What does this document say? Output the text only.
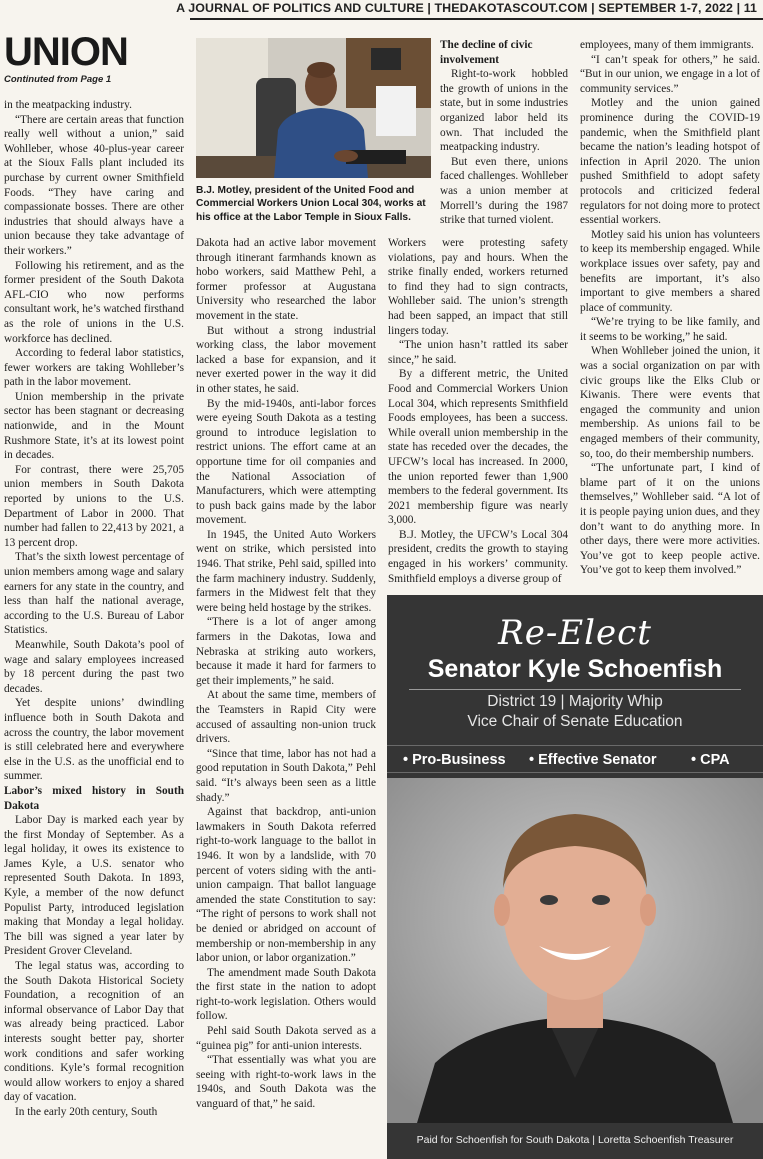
A JOURNAL OF POLITICS AND CULTURE | THEDAKOTASCOUT.COM | SEPTEMBER 1-7, 2022 | 11
UNION
Continuted from Page 1

in the meatpacking industry.

“There are certain areas that function really well without a union,” said Wohlleber, whose 40-plus-year career at the Sioux Falls plant included its purchase by current owner Smithfield Foods. “They have caring and compassionate bosses. There are other industries that should always have a union because they take advantage of their workers.”

Following his retirement, and as the former president of the South Dakota AFL-CIO who now performs consultant work, he’s watched firsthand as the role of unions in the U.S. workforce has declined.

According to federal labor statistics, fewer workers are taking Wohlleber’s path in the labor movement.

Union membership in the private sector has been stagnant or decreasing nationwide, and in the Mount Rushmore State, it’s at its lowest point in decades.

For contrast, there were 25,705 union members in South Dakota reported by unions to the U.S. Department of Labor in 2000. That number had fallen to 22,413 by 2021, a 13 percent drop.

That’s the sixth lowest percentage of union members among wage and salary earners for any state in the country, and less than half the national average, according to the U.S. Bureau of Labor Statistics.

Meanwhile, South Dakota’s pool of wage and salary employees increased by 18 percent during the past two decades.

Yet despite unions’ dwindling influence both in South Dakota and across the country, the labor movement is still celebrated here and everywhere else in the U.S. as the unofficial end to summer.

Labor’s mixed history in South Dakota

Labor Day is marked each year by the first Monday of September. As a legal holiday, it owes its existence to James Kyle, a U.S. senator who represented South Dakota. In 1893, Kyle, a member of the now defunct Populist Party, introduced legislation making that Monday a legal holiday. The bill was signed a year later by President Grover Cleveland.

The legal status was, according to the South Dakota Historical Society Foundation, a recognition of an informal observance of Labor Day that was already being practiced. Labor interests sought better pay, shorter work conditions and safer working conditions. Kyle’s formal recognition would allow workers to enjoy a shared day of vacation.

In the early 20th century, South

B.J. Motley, president of the United Food and Commercial Workers Union Local 304, works at his office at the Labor Temple in Sioux Falls.

Dakota had an active labor movement through itinerant farmhands known as hobo workers, said Matthew Pehl, a former professor at Augustana University who researched the labor movement in the state.

But without a strong industrial working class, the labor movement lacked a base for expansion, and it never exerted power in the way it did in other states, he said.

By the mid-1940s, anti-labor forces were eyeing South Dakota as a testing ground to introduce legislation to restrict unions. The effort came at an opportune time for oil companies and the National Association of Manufacturers, which were attempting to push back gains made by the labor movement.

In 1945, the United Auto Workers went on strike, which persisted into 1946. That strike, Pehl said, spilled into the farm machinery industry. Suddenly, farmers in the Midwest felt that they were being held hostage by the strikes.

“There is a lot of anger among farmers in the Dakotas, Iowa and Nebraska at striking auto workers, because it made it hard for farmers to get their implements,” he said.

At about the same time, members of the Teamsters in Rapid City were accused of assaulting non-union truck drivers.

“Since that time, labor has not had a good reputation in South Dakota,” Pehl said. “It’s always been seen as a little shady.”

Against that backdrop, anti-union lawmakers in South Dakota referred right-to-work language to the ballot in 1946. It won by a landslide, with 70 percent of voters siding with the anti-union campaign. That ballot language amended the state Constitution to say: “The right of persons to work shall not be denied or abridged on account of membership or non-membership in any labor union, or labor organization.”

The amendment made South Dakota the first state in the nation to adopt right-to-work legislation. Others would follow.

Pehl said South Dakota served as a “guinea pig” for anti-union interests.

“That essentially was what you are seeing with right-to-work laws in the 1940s, and South Dakota was the vanguard of that,” he said.

The decline of civic involvement

Right-to-work hobbled the growth of unions in the state, but in some industries organized labor held its own. That included the meatpacking industry.

But even there, unions faced challenges. Wohlleber was a union member at Morrell’s during the 1987 strike that turned violent.

Workers were protesting safety violations, pay and hours. When the strike finally ended, workers returned to find they had to sign contracts, Wohlleber said. The union’s strength had been sapped, an impact that still lingers today.

“The union hasn’t rattled its saber since,” he said.

By a different metric, the United Food and Commercial Workers Union Local 304, which represents Smithfield Foods employees, has been a success. While overall union membership in the state has receded over the decades, the UFCW’s local has increased. In 2000, the union reported fewer than 1,900 members to the federal government. Its 2021 membership figure was nearly 3,000.

B.J. Motley, the UFCW’s Local 304 president, credits the growth to staying engaged in his workers’ community. Smithfield employs a diverse group of

employees, many of them immigrants.

“I can’t speak for others,” he said. “But in our union, we engage in a lot of community services.”

Motley and the union gained prominence during the COVID-19 pandemic, when the Smithfield plant became the nation’s leading hotspot of infection in April 2020. The union pushed Smithfield to adopt safety protocols and criticized federal regulators for not doing more to protect essential workers.

Motley said his union has volunteers to keep its membership engaged. While workplace issues over safety, pay and benefits are important, it’s also important to give members a shared place of community.

“We’re trying to be like family, and it seems to be working,” he said.

When Wohlleber joined the union, it was a social organization on par with civic groups like the Elks Club or Kiwanis. There were events that engaged the community and union membership. As unions fail to be engaged members of their community, so, too, do their membership numbers.

“The unfortunate part, I kind of blame part of it on the unions themselves,” Wohlleber said. “A lot of it is people paying union dues, and they don’t want to do anything more. In other days, there were more activities. You’ve got to keep people active. You’ve got to keep them involved.”

Re-Elect
Senator Kyle Schoenfish
District 19 | Majority Whip
Vice Chair of Senate Education
• Pro-Business • Effective Senator • CPA
Paid for Schoenfish for South Dakota | Loretta Schoenfish Treasurer
